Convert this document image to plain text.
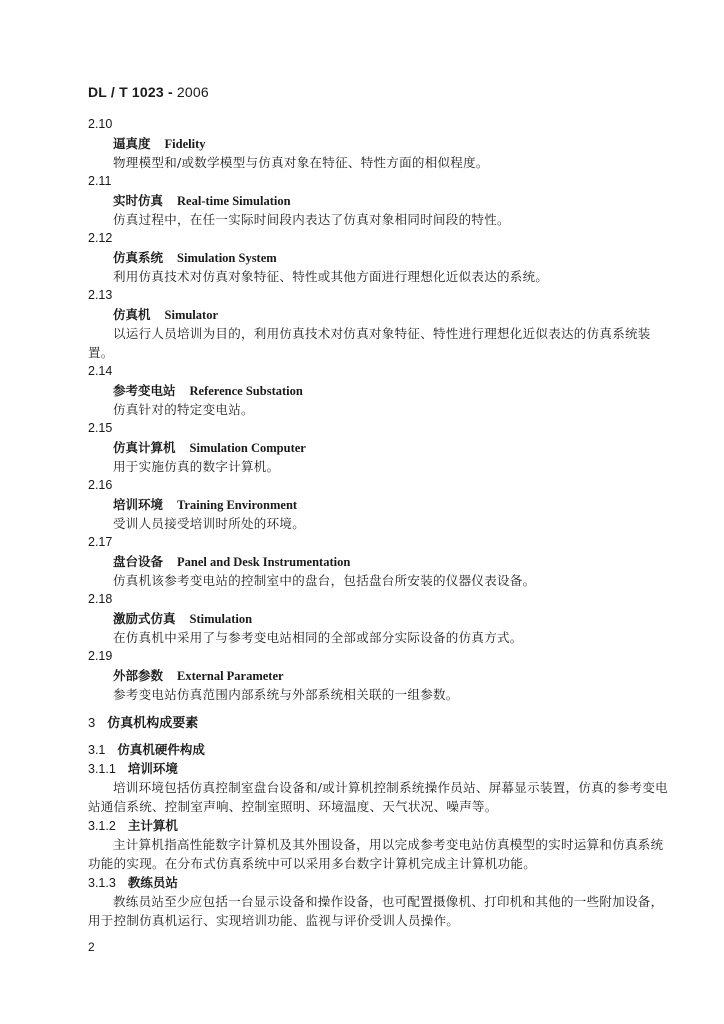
DL / T 1023 - 2006
2.10
逼真度 Fidelity
物理模型和/或数学模型与仿真对象在特征、特性方面的相似程度。
2.11
实时仿真 Real-time Simulation
仿真过程中，在任一实际时间段内表达了仿真对象相同时间段的特性。
2.12
仿真系统 Simulation System
利用仿真技术对仿真对象特征、特性或其他方面进行理想化近似表达的系统。
2.13
仿真机 Simulator
以运行人员培训为目的，利用仿真技术对仿真对象特征、特性进行理想化近似表达的仿真系统装置。
2.14
参考变电站 Reference Substation
仿真针对的特定变电站。
2.15
仿真计算机 Simulation Computer
用于实施仿真的数字计算机。
2.16
培训环境 Training Environment
受训人员接受培训时所处的环境。
2.17
盘台设备 Panel and Desk Instrumentation
仿真机该参考变电站的控制室中的盘台，包括盘台所安装的仪器仪表设备。
2.18
激励式仿真 Stimulation
在仿真机中采用了与参考变电站相同的全部或部分实际设备的仿真方式。
2.19
外部参数 External Parameter
参考变电站仿真范围内部系统与外部系统相关联的一组参数。
3 仿真机构成要素
3.1 仿真机硬件构成
3.1.1 培训环境
培训环境包括仿真控制室盘台设备和/或计算机控制系统操作员站、屏幕显示装置，仿真的参考变电站通信系统、控制室声响、控制室照明、环境温度、天气状况、噪声等。
3.1.2 主计算机
主计算机指高性能数字计算机及其外围设备，用以完成参考变电站仿真模型的实时运算和仿真系统功能的实现。在分布式仿真系统中可以采用多台数字计算机完成主计算机功能。
3.1.3 教练员站
教练员站至少应包括一台显示设备和操作设备，也可配置摄像机、打印机和其他的一些附加设备，用于控制仿真机运行、实现培训功能、监视与评价受训人员操作。
2
